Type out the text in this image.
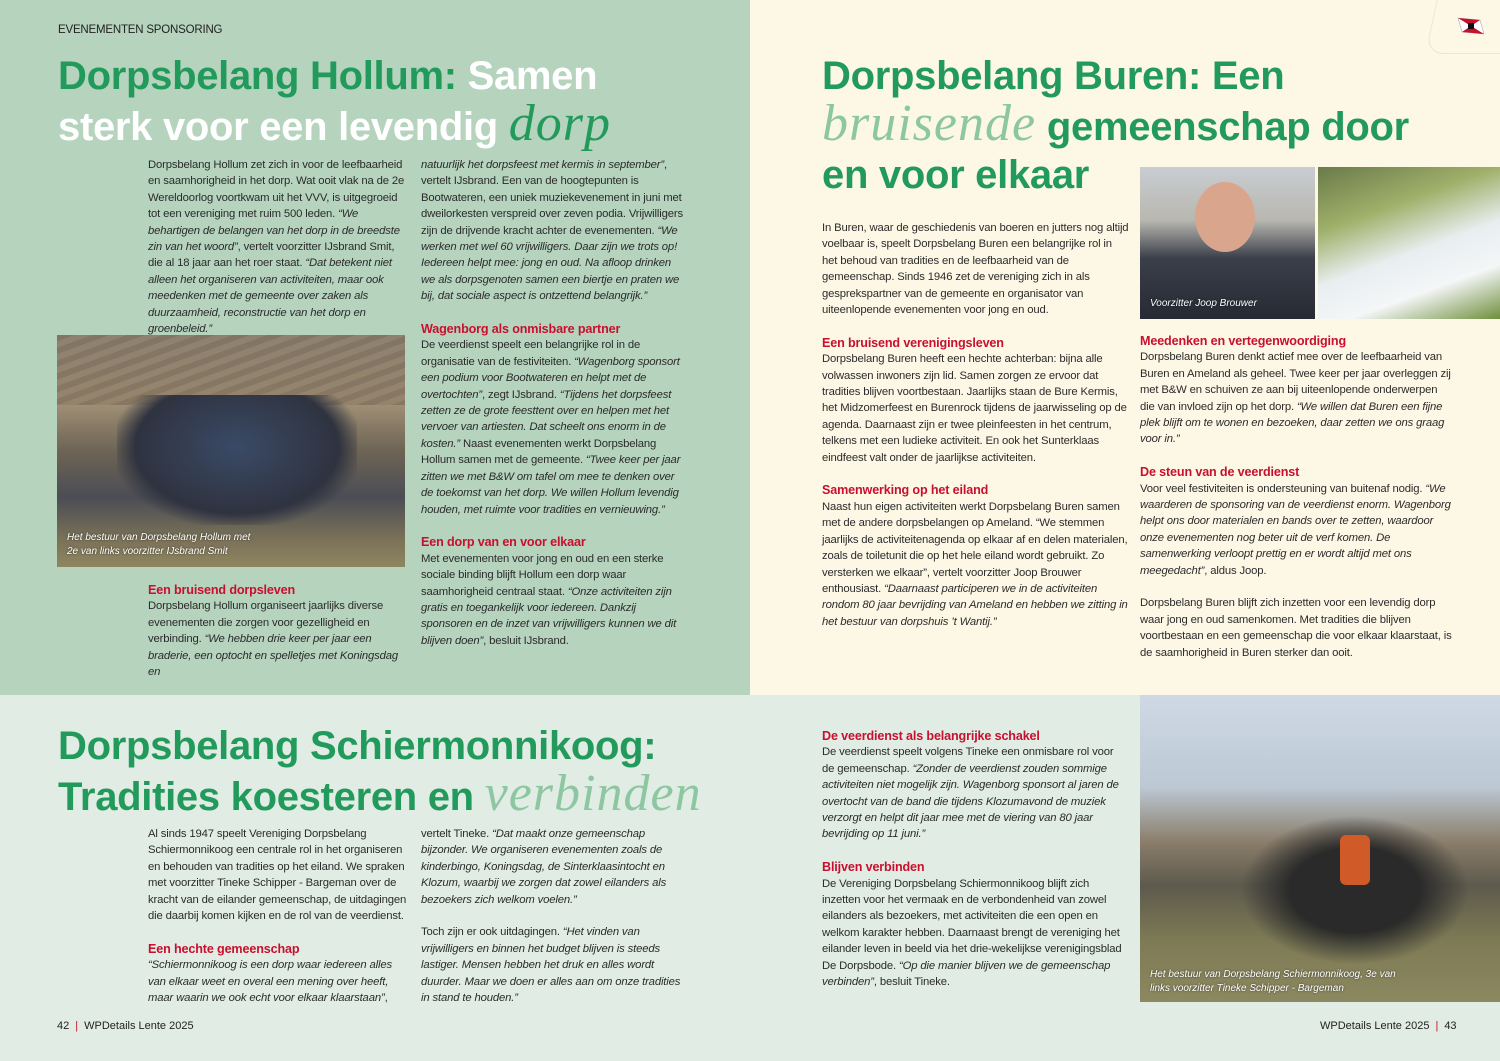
EVENEMENTEN SPONSORING
Dorpsbelang Hollum: Samen
sterk voor een levendig dorp

Dorpsbelang Hollum zet zich in voor de leefbaarheid en saamhorigheid in het dorp. Wat ooit vlak na de 2e Wereldoorlog voortkwam uit het VVV, is uitgegroeid tot een vereniging met ruim 500 leden. “We behartigen de belangen van het dorp in de breedste zin van het woord”, vertelt voorzitter IJsbrand Smit, die al 18 jaar aan het roer staat. “Dat betekent niet alleen het organiseren van activiteiten, maar ook meedenken met de gemeente over zaken als duurzaamheid, reconstructie van het dorp en groenbeleid.”

Het bestuur van Dorpsbelang Hollum met 2e van links voorzitter IJsbrand Smit
Een bruisend dorpsleven

Dorpsbelang Hollum organiseert jaarlijks diverse evenementen die zorgen voor gezelligheid en verbinding. “We hebben drie keer per jaar een braderie, een optocht en spelletjes met Koningsdag en

natuurlijk het dorpsfeest met kermis in september”, vertelt IJsbrand. Een van de hoogtepunten is Bootwateren, een uniek muziekevenement in juni met dweilorkesten verspreid over zeven podia. Vrijwilligers zijn de drijvende kracht achter de evenementen. “We werken met wel 60 vrijwilligers. Daar zijn we trots op! Iedereen helpt mee: jong en oud. Na afloop drinken we als dorpsgenoten samen een biertje en praten we bij, dat sociale aspect is ontzettend belangrijk.”

Wagenborg als onmisbare partner

De veerdienst speelt een belangrijke rol in de organisatie van de festiviteiten. “Wagenborg sponsort een podium voor Bootwateren en helpt met de overtochten”, zegt IJsbrand. “Tijdens het dorpsfeest zetten ze de grote feesttent over en helpen met het vervoer van artiesten. Dat scheelt ons enorm in de kosten.” Naast evenementen werkt Dorpsbelang Hollum samen met de gemeente. “Twee keer per jaar zitten we met B&W om tafel om mee te denken over de toekomst van het dorp. We willen Hollum levendig houden, met ruimte voor tradities en vernieuwing.”

Een dorp van en voor elkaar

Met evenementen voor jong en oud en een sterke sociale binding blijft Hollum een dorp waar saamhorigheid centraal staat. “Onze activiteiten zijn gratis en toegankelijk voor iedereen. Dankzij sponsoren en de inzet van vrijwilligers kunnen we dit blijven doen”, besluit IJsbrand.

Dorpsbelang Buren: Een
bruisende gemeenschap door
en voor elkaar
Voorzitter Joop Brouwer

In Buren, waar de geschiedenis van boeren en jutters nog altijd voelbaar is, speelt Dorpsbelang Buren een belangrijke rol in het behoud van tradities en de leefbaarheid van de gemeenschap. Sinds 1946 zet de vereniging zich in als gesprekspartner van de gemeente en organisator van uiteenlopende evenementen voor jong en oud.

Een bruisend verenigingsleven

Dorpsbelang Buren heeft een hechte achterban: bijna alle volwassen inwoners zijn lid. Samen zorgen ze ervoor dat tradities blijven voortbestaan. Jaarlijks staan de Bure Kermis, het Midzomerfeest en Burenrock tijdens de jaarwisseling op de agenda. Daarnaast zijn er twee pleinfeesten in het centrum, telkens met een ludieke activiteit. En ook het Sunterklaas eindfeest valt onder de jaarlijkse activiteiten.

Samenwerking op het eiland

Naast hun eigen activiteiten werkt Dorpsbelang Buren samen met de andere dorpsbelangen op Ameland. “We stemmen jaarlijks de activiteitenagenda op elkaar af en delen materialen, zoals de toiletunit die op het hele eiland wordt gebruikt. Zo versterken we elkaar”, vertelt voorzitter Joop Brouwer enthousiast. “Daarnaast participeren we in de activiteiten rondom 80 jaar bevrijding van Ameland en hebben we zitting in het bestuur van dorpshuis ’t Wantij.”

Meedenken en vertegenwoordiging

Dorpsbelang Buren denkt actief mee over de leefbaarheid van Buren en Ameland als geheel. Twee keer per jaar overleggen zij met B&W en schuiven ze aan bij uiteenlopende onderwerpen die van invloed zijn op het dorp. “We willen dat Buren een fijne plek blijft om te wonen en bezoeken, daar zetten we ons graag voor in.”

De steun van de veerdienst

Voor veel festiviteiten is ondersteuning van buitenaf nodig. “We waarderen de sponsoring van de veerdienst enorm. Wagenborg helpt ons door materialen en bands over te zetten, waardoor onze evenementen nog beter uit de verf komen. De samenwerking verloopt prettig en er wordt altijd met ons meegedacht”, aldus Joop.

Dorpsbelang Buren blijft zich inzetten voor een levendig dorp waar jong en oud samenkomen. Met tradities die blijven voortbestaan en een gemeenschap die voor elkaar klaarstaat, is de saamhorigheid in Buren sterker dan ooit.

Dorpsbelang Schiermonnikoog:
Tradities koesteren en verbinden

Al sinds 1947 speelt Vereniging Dorpsbelang Schiermonnikoog een centrale rol in het organiseren en behouden van tradities op het eiland. We spraken met voorzitter Tineke Schipper - Bargeman over de kracht van de eilander gemeenschap, de uitdagingen die daarbij komen kijken en de rol van de veerdienst.

Een hechte gemeenschap

“Schiermonnikoog is een dorp waar iedereen alles van elkaar weet en overal een mening over heeft, maar waarin we ook echt voor elkaar klaarstaan”,

vertelt Tineke. “Dat maakt onze gemeenschap bijzonder. We organiseren evenementen zoals de kinderbingo, Koningsdag, de Sinterklaasintocht en Klozum, waarbij we zorgen dat zowel eilanders als bezoekers zich welkom voelen.”

Toch zijn er ook uitdagingen. “Het vinden van vrijwilligers en binnen het budget blijven is steeds lastiger. Mensen hebben het druk en alles wordt duurder. Maar we doen er alles aan om onze tradities in stand te houden.”

De veerdienst als belangrijke schakel

De veerdienst speelt volgens Tineke een onmisbare rol voor de gemeenschap. “Zonder de veerdienst zouden sommige activiteiten niet mogelijk zijn. Wagenborg sponsort al jaren de overtocht van de band die tijdens Klozumavond de muziek verzorgt en helpt dit jaar mee met de viering van 80 jaar bevrijding op 11 juni.”

Blijven verbinden

De Vereniging Dorpsbelang Schiermonnikoog blijft zich inzetten voor het vermaak en de verbondenheid van zowel eilanders als bezoekers, met activiteiten die een open en welkom karakter hebben. Daarnaast brengt de vereniging het eilander leven in beeld via het drie-wekelijkse verenigingsblad De Dorpsbode. “Op die manier blijven we de gemeenschap verbinden”, besluit Tineke.

Het bestuur van Dorpsbelang Schiermonnikoog, 3e van links voorzitter Tineke Schipper - Bargeman
42 | WPDetails Lente 2025	WPDetails Lente 2025 | 43
